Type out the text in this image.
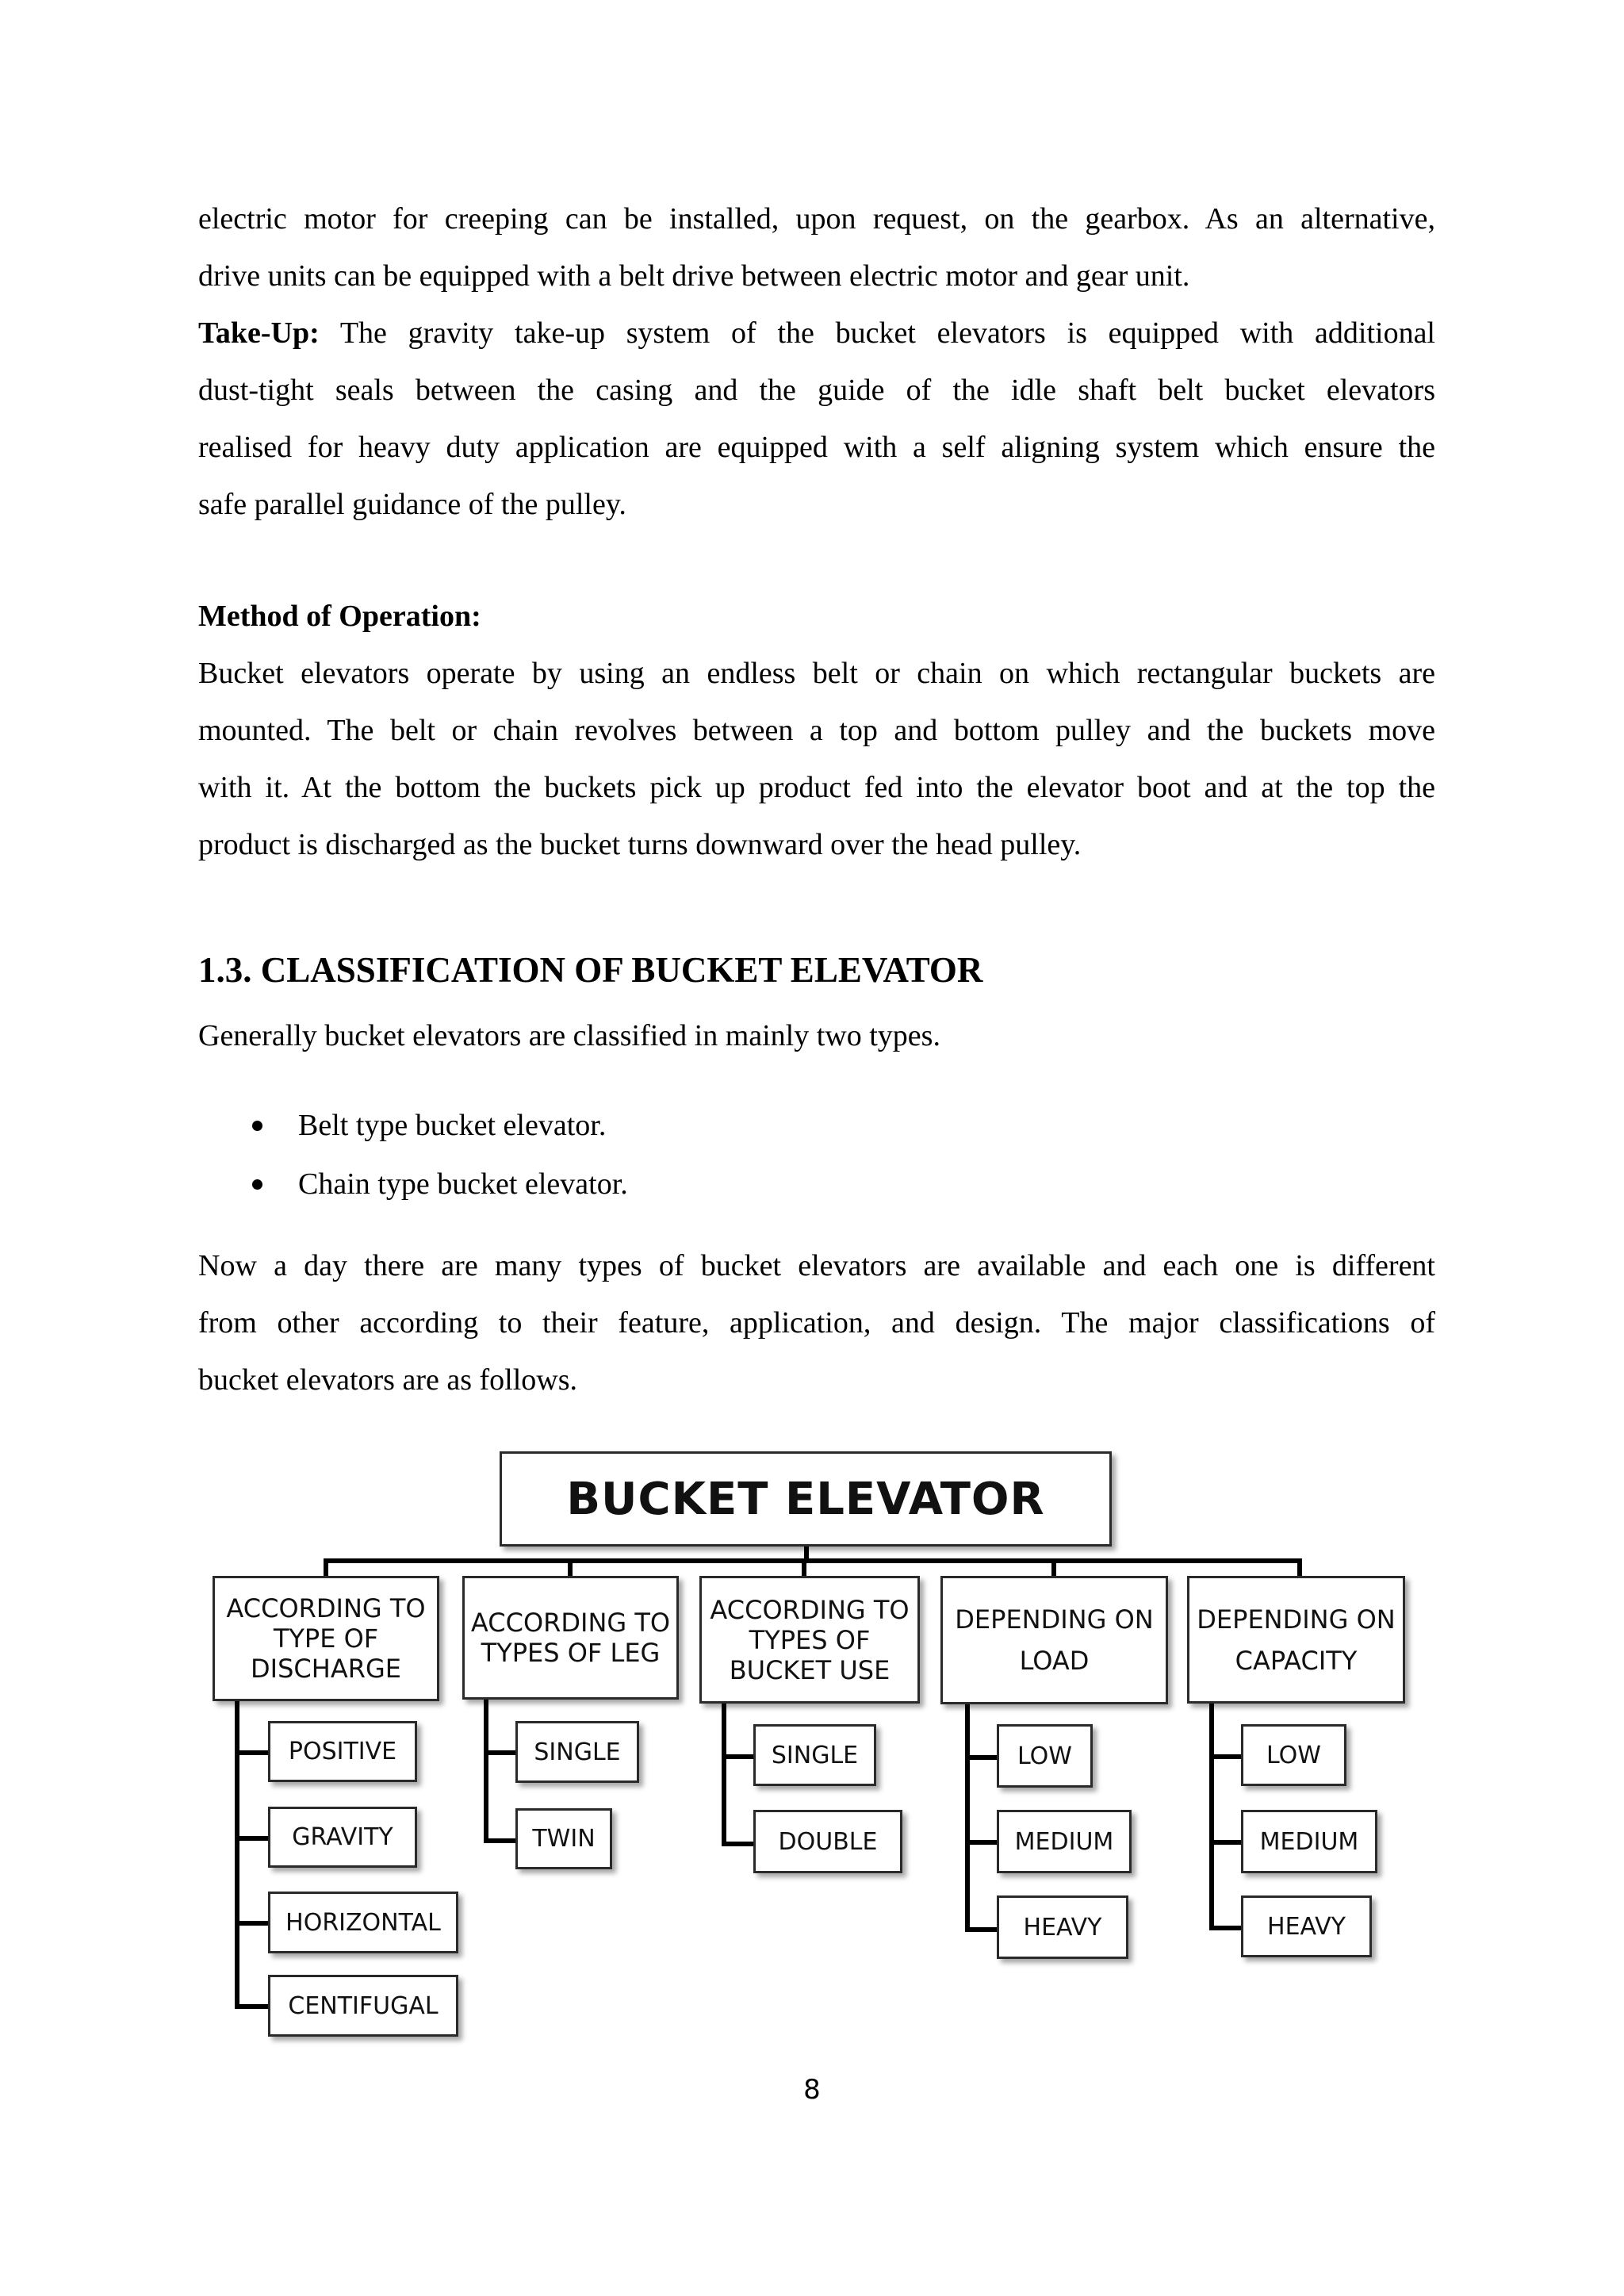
electric motor for creeping can be installed, upon request, on the gearbox. As an alternative,

drive units can be equipped with a belt drive between electric motor and gear unit.

Take-Up: The gravity take-up system of the bucket elevators is equipped with additional

dust-tight seals between the casing and the guide of the idle shaft belt bucket elevators

realised for heavy duty application are equipped with a self aligning system which ensure the

safe parallel guidance of the pulley.

Method of Operation:

Bucket elevators operate by using an endless belt or chain on which rectangular buckets are

mounted. The belt or chain revolves between a top and bottom pulley and the buckets move

with it. At the bottom the buckets pick up product fed into the elevator boot and at the top the

product is discharged as the bucket turns downward over the head pulley.

1.3. CLASSIFICATION OF BUCKET ELEVATOR
Generally bucket elevators are classified in mainly two types.
Belt type bucket elevator.
Chain type bucket elevator.

Now a day there are many types of bucket elevators are available and each one is different

from other according to their feature, application, and design. The major classifications of

bucket elevators are as follows.

BUCKET ELEVATOR
ACCORDING TO TYPE OF DISCHARGE
ACCORDING TO TYPES OF LEG
ACCORDING TO TYPES OF BUCKET USE
DEPENDING ON LOAD
DEPENDING ON CAPACITY
POSITIVE
GRAVITY
HORIZONTAL
CENTIFUGAL
SINGLE
TWIN
SINGLE
DOUBLE
LOW
MEDIUM
HEAVY
LOW
MEDIUM
HEAVY
8
